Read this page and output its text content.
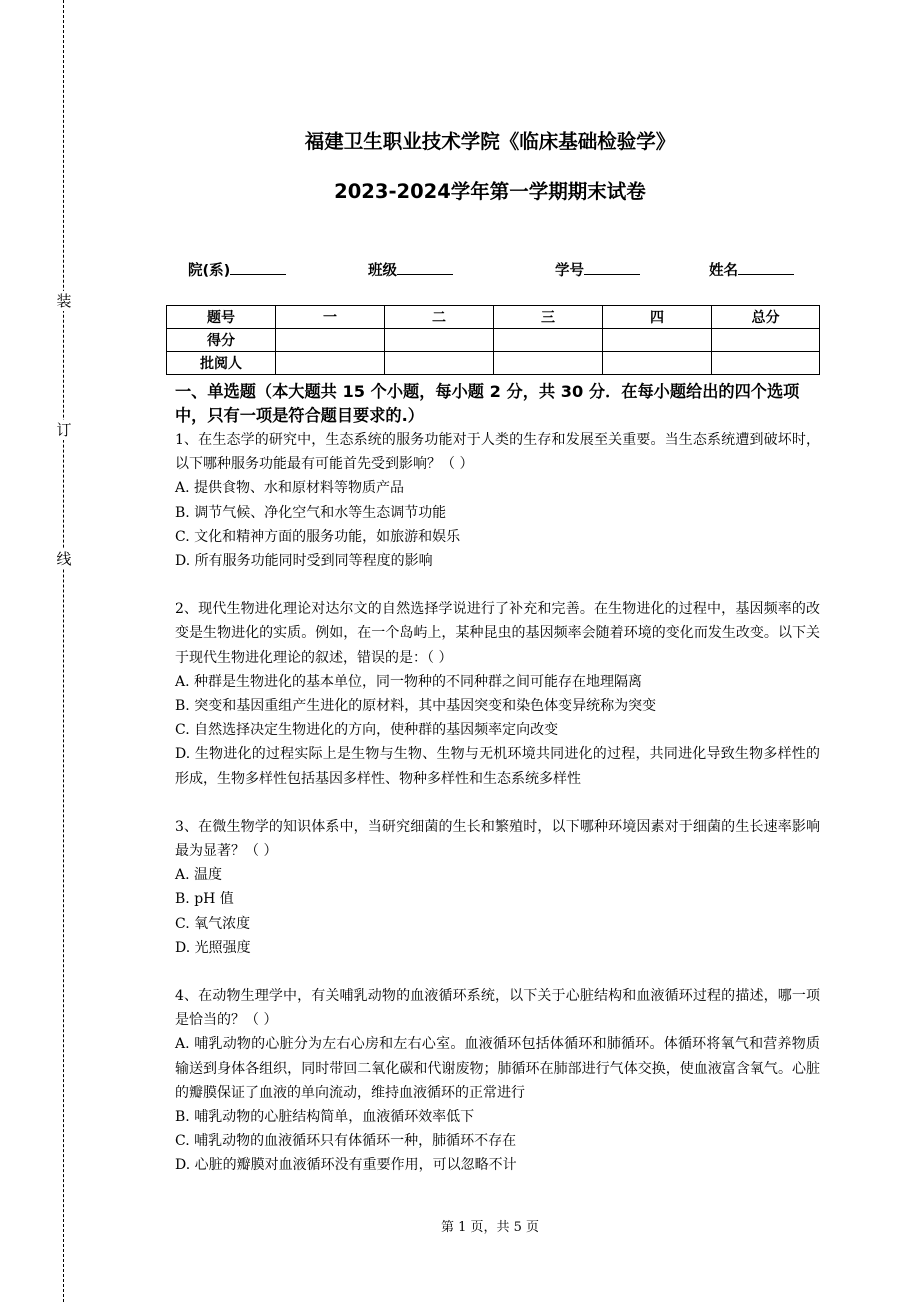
装
订
线
福建卫生职业技术学院《临床基础检验学》
2023-2024学年第一学期期末试卷
院(系)	班级	学号	姓名
题号	一	二	三	四	总分
得分					
批阅人					

一、单选题（本大题共 15 个小题，每小题 2 分，共 30 分．在每小题给出的四个选项中，只有一项是符合题目要求的.）

1、在生态学的研究中，生态系统的服务功能对于人类的生存和发展至关重要。当生态系统遭到破坏时，以下哪种服务功能最有可能首先受到影响？（ ）

A. 提供食物、水和原材料等物质产品

B. 调节气候、净化空气和水等生态调节功能

C. 文化和精神方面的服务功能，如旅游和娱乐

D. 所有服务功能同时受到同等程度的影响

2、现代生物进化理论对达尔文的自然选择学说进行了补充和完善。在生物进化的过程中，基因频率的改变是生物进化的实质。例如，在一个岛屿上，某种昆虫的基因频率会随着环境的变化而发生改变。以下关于现代生物进化理论的叙述，错误的是：（ ）

A. 种群是生物进化的基本单位，同一物种的不同种群之间可能存在地理隔离

B. 突变和基因重组产生进化的原材料，其中基因突变和染色体变异统称为突变

C. 自然选择决定生物进化的方向，使种群的基因频率定向改变

D. 生物进化的过程实际上是生物与生物、生物与无机环境共同进化的过程，共同进化导致生物多样性的形成，生物多样性包括基因多样性、物种多样性和生态系统多样性

3、在微生物学的知识体系中，当研究细菌的生长和繁殖时，以下哪种环境因素对于细菌的生长速率影响最为显著？（ ）

A. 温度

B. pH 值

C. 氧气浓度

D. 光照强度

4、在动物生理学中，有关哺乳动物的血液循环系统，以下关于心脏结构和血液循环过程的描述，哪一项是恰当的？（ ）

A. 哺乳动物的心脏分为左右心房和左右心室。血液循环包括体循环和肺循环。体循环将氧气和营养物质输送到身体各组织，同时带回二氧化碳和代谢废物；肺循环在肺部进行气体交换，使血液富含氧气。心脏的瓣膜保证了血液的单向流动，维持血液循环的正常进行

B. 哺乳动物的心脏结构简单，血液循环效率低下

C. 哺乳动物的血液循环只有体循环一种，肺循环不存在

D. 心脏的瓣膜对血液循环没有重要作用，可以忽略不计

第 1 页，共 5 页
